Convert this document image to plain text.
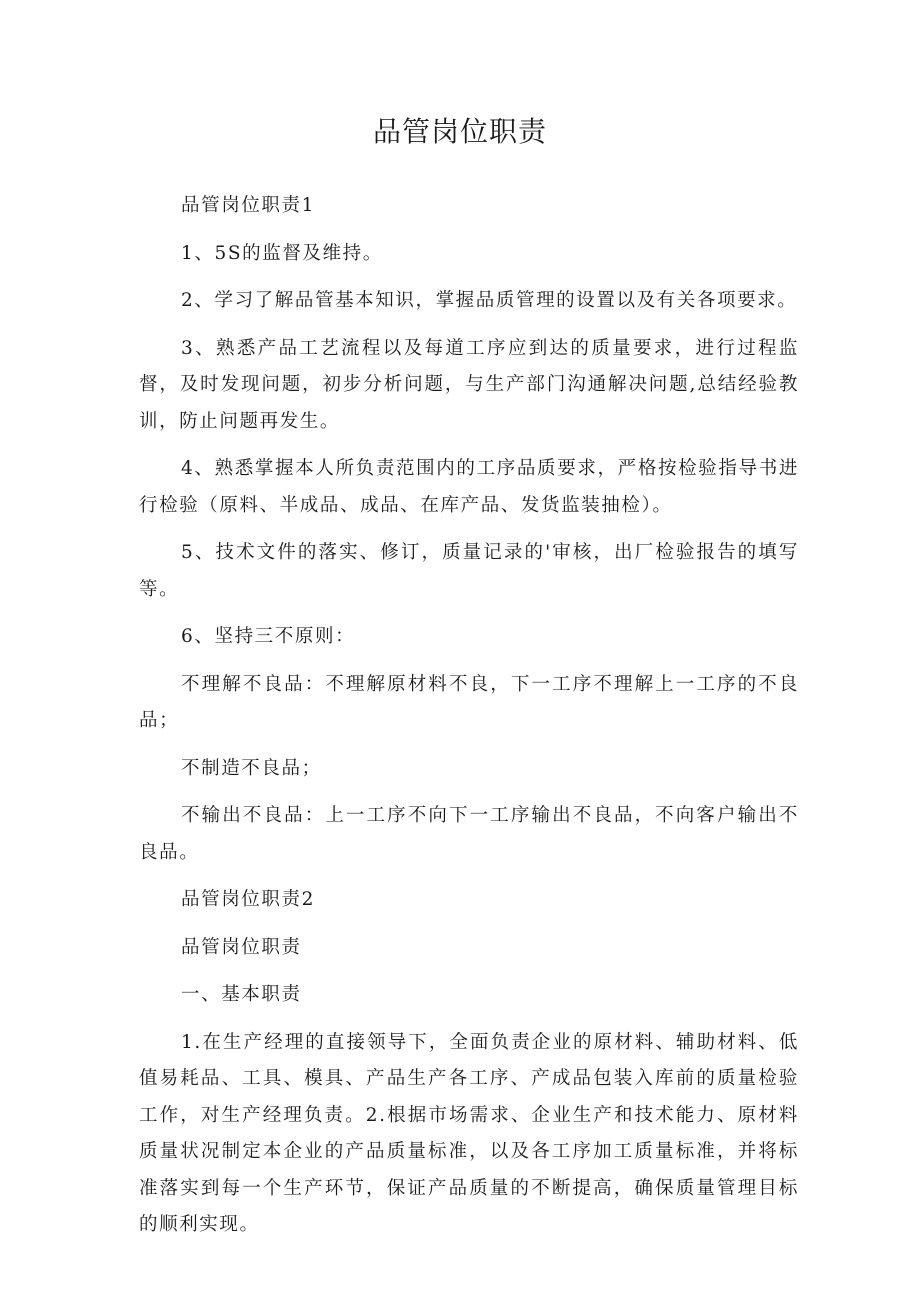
品管岗位职责

品管岗位职责1

1、5S的监督及维持。

2、学习了解品管基本知识，掌握品质管理的设置以及有关各项要求。

3、熟悉产品工艺流程以及每道工序应到达的质量要求，进行过程监督，及时发现问题，初步分析问题，与生产部门沟通解决问题,总结经验教训，防止问题再发生。

4、熟悉掌握本人所负责范围内的工序品质要求，严格按检验指导书进行检验（原料、半成品、成品、在库产品、发货监装抽检）。

5、技术文件的落实、修订，质量记录的'审核，出厂检验报告的填写等。

6、坚持三不原则：

不理解不良品：不理解原材料不良，下一工序不理解上一工序的不良品；

不制造不良品；

不输出不良品：上一工序不向下一工序输出不良品，不向客户输出不良品。

品管岗位职责2

品管岗位职责

一、基本职责

1.在生产经理的直接领导下，全面负责企业的原材料、辅助材料、低值易耗品、工具、模具、产品生产各工序、产成品包装入库前的质量检验工作，对生产经理负责。2.根据市场需求、企业生产和技术能力、原材料质量状况制定本企业的产品质量标准，以及各工序加工质量标准，并将标准落实到每一个生产环节，保证产品质量的不断提高，确保质量管理目标的顺利实现。
